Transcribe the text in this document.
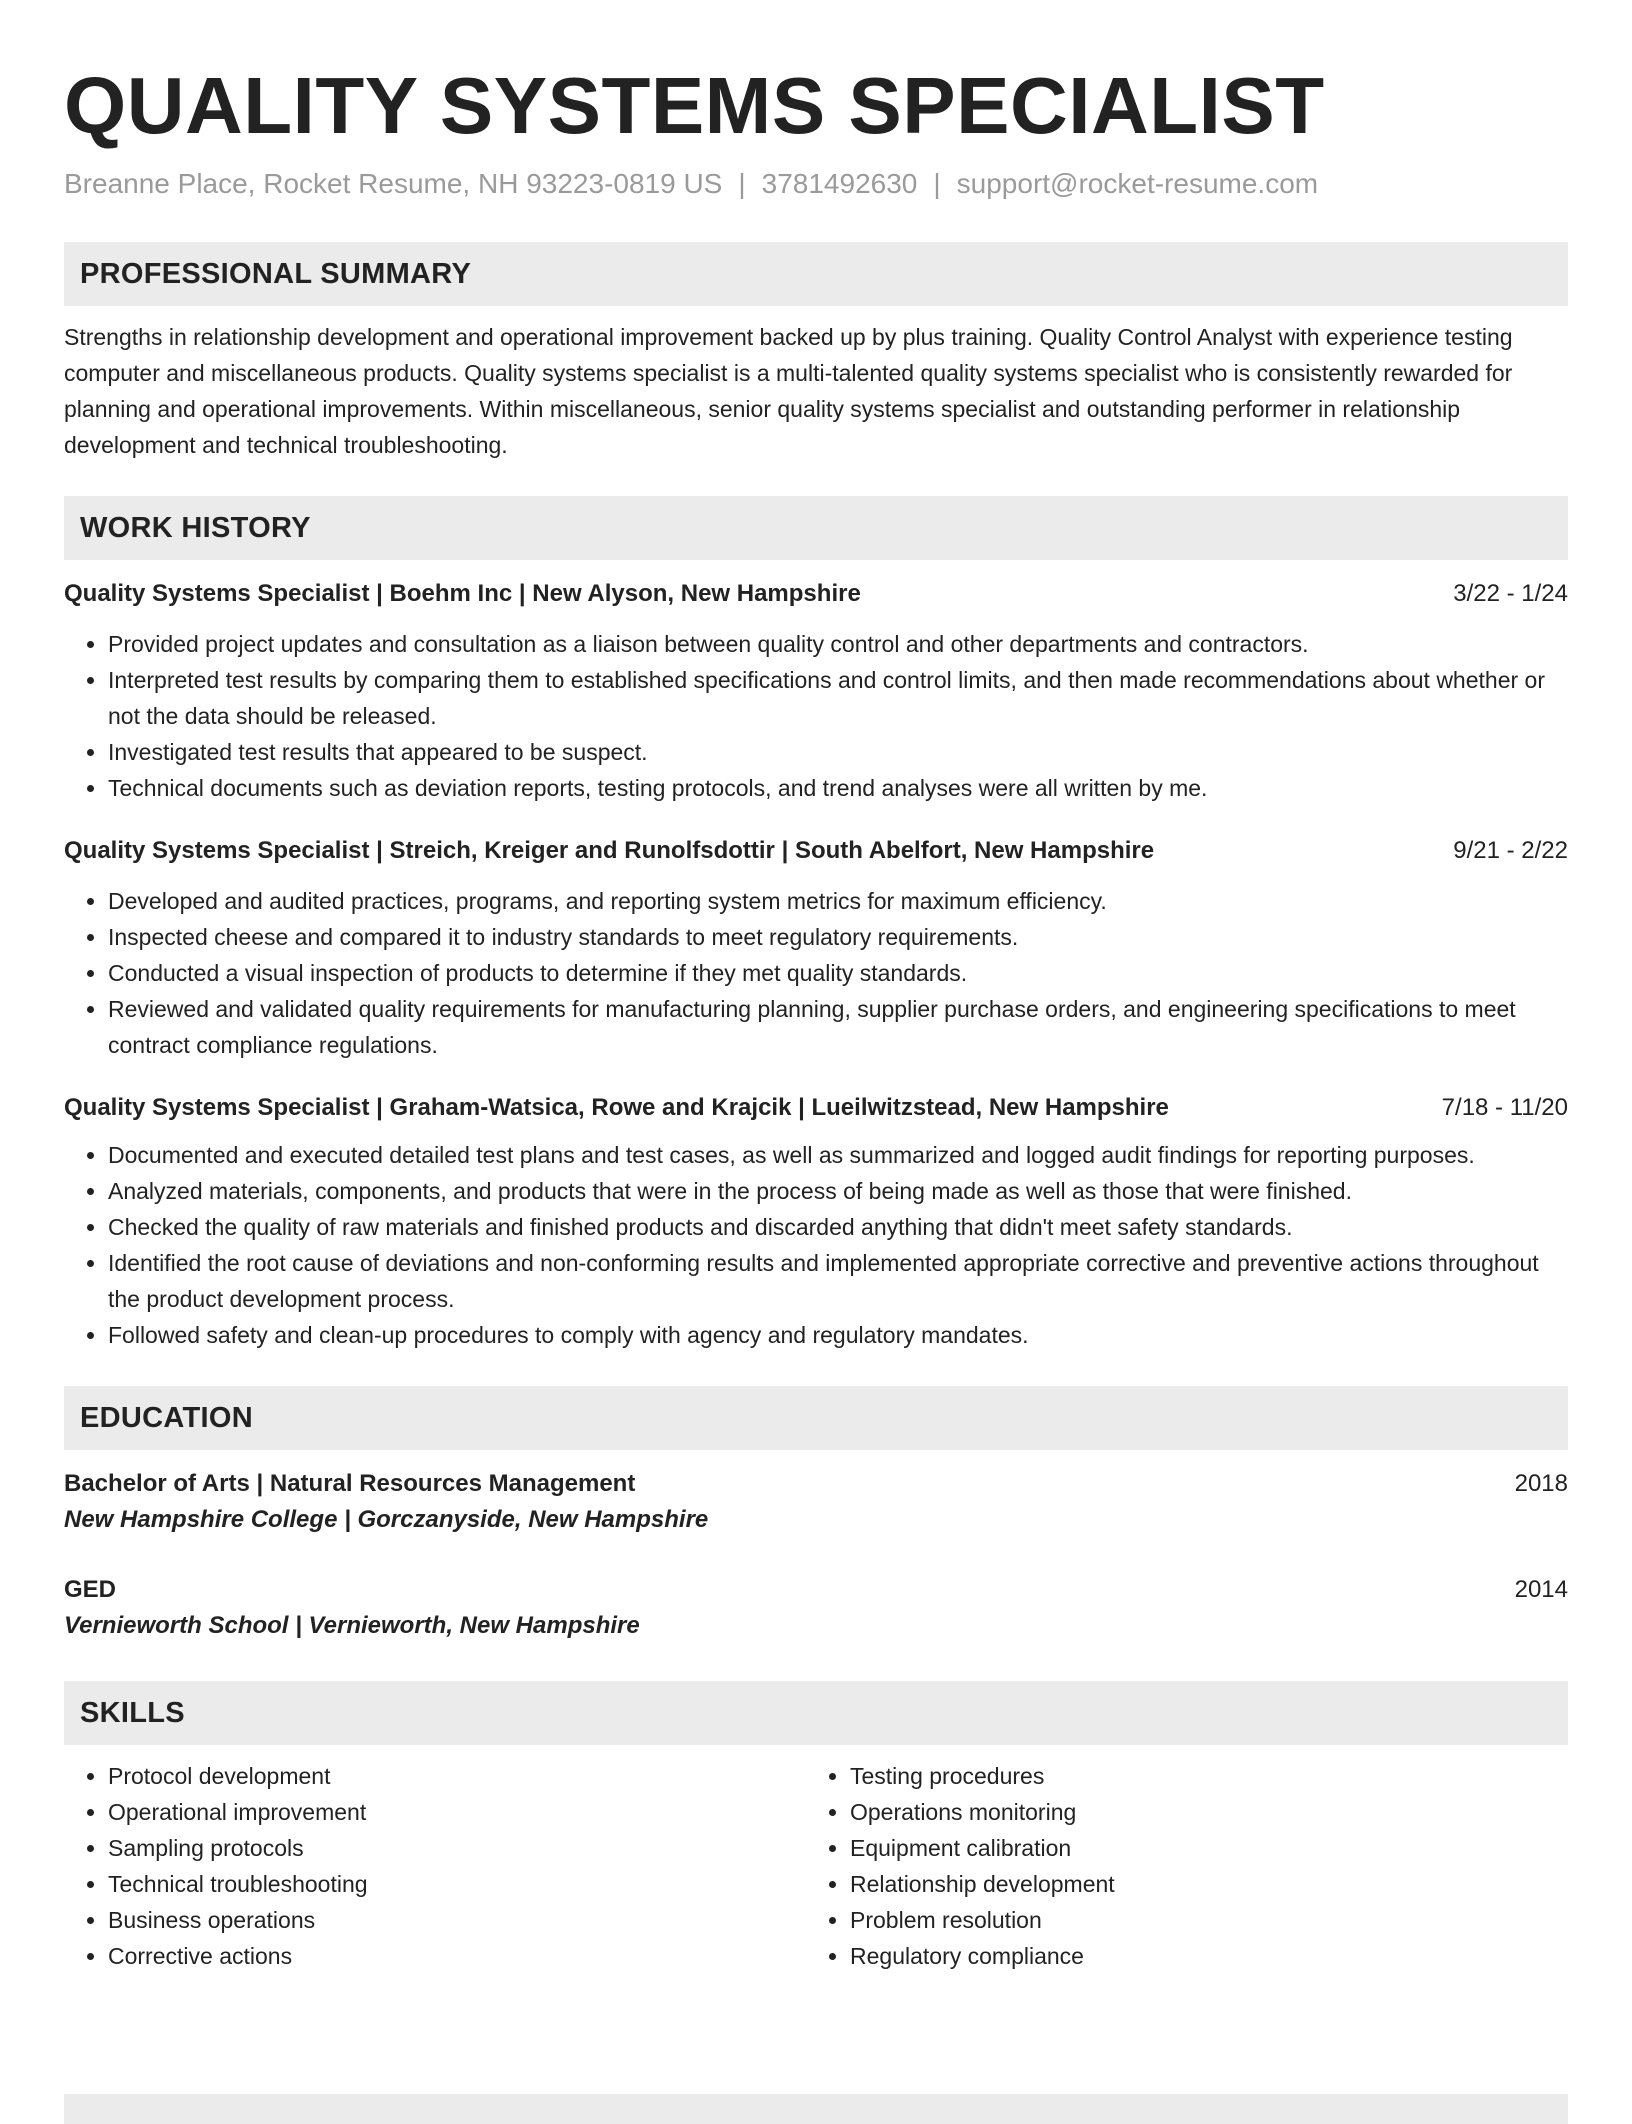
QUALITY SYSTEMS SPECIALIST
Breanne Place, Rocket Resume, NH 93223-0819 US | 3781492630 | support@rocket-resume.com
PROFESSIONAL SUMMARY
Strengths in relationship development and operational improvement backed up by plus training. Quality Control Analyst with experience testing computer and miscellaneous products. Quality systems specialist is a multi-talented quality systems specialist who is consistently rewarded for planning and operational improvements. Within miscellaneous, senior quality systems specialist and outstanding performer in relationship development and technical troubleshooting.
WORK HISTORY
Quality Systems Specialist | Boehm Inc | New Alyson, New Hampshire	3/22 - 1/24
• Provided project updates and consultation as a liaison between quality control and other departments and contractors.
• Interpreted test results by comparing them to established specifications and control limits, and then made recommendations about whether or not the data should be released.
• Investigated test results that appeared to be suspect.
• Technical documents such as deviation reports, testing protocols, and trend analyses were all written by me.
Quality Systems Specialist | Streich, Kreiger and Runolfsdottir | South Abelfort, New Hampshire	9/21 - 2/22
• Developed and audited practices, programs, and reporting system metrics for maximum efficiency.
• Inspected cheese and compared it to industry standards to meet regulatory requirements.
• Conducted a visual inspection of products to determine if they met quality standards.
• Reviewed and validated quality requirements for manufacturing planning, supplier purchase orders, and engineering specifications to meet contract compliance regulations.
Quality Systems Specialist | Graham-Watsica, Rowe and Krajcik | Lueilwitzstead, New Hampshire	7/18 - 11/20
• Documented and executed detailed test plans and test cases, as well as summarized and logged audit findings for reporting purposes.
• Analyzed materials, components, and products that were in the process of being made as well as those that were finished.
• Checked the quality of raw materials and finished products and discarded anything that didn't meet safety standards.
• Identified the root cause of deviations and non-conforming results and implemented appropriate corrective and preventive actions throughout the product development process.
• Followed safety and clean-up procedures to comply with agency and regulatory mandates.
EDUCATION
Bachelor of Arts | Natural Resources Management	2018
New Hampshire College | Gorczanyside, New Hampshire
GED	2014
Vernieworth School | Vernieworth, New Hampshire
SKILLS
• Protocol development
• Operational improvement
• Sampling protocols
• Technical troubleshooting
• Business operations
• Corrective actions
• Testing procedures
• Operations monitoring
• Equipment calibration
• Relationship development
• Problem resolution
• Regulatory compliance
